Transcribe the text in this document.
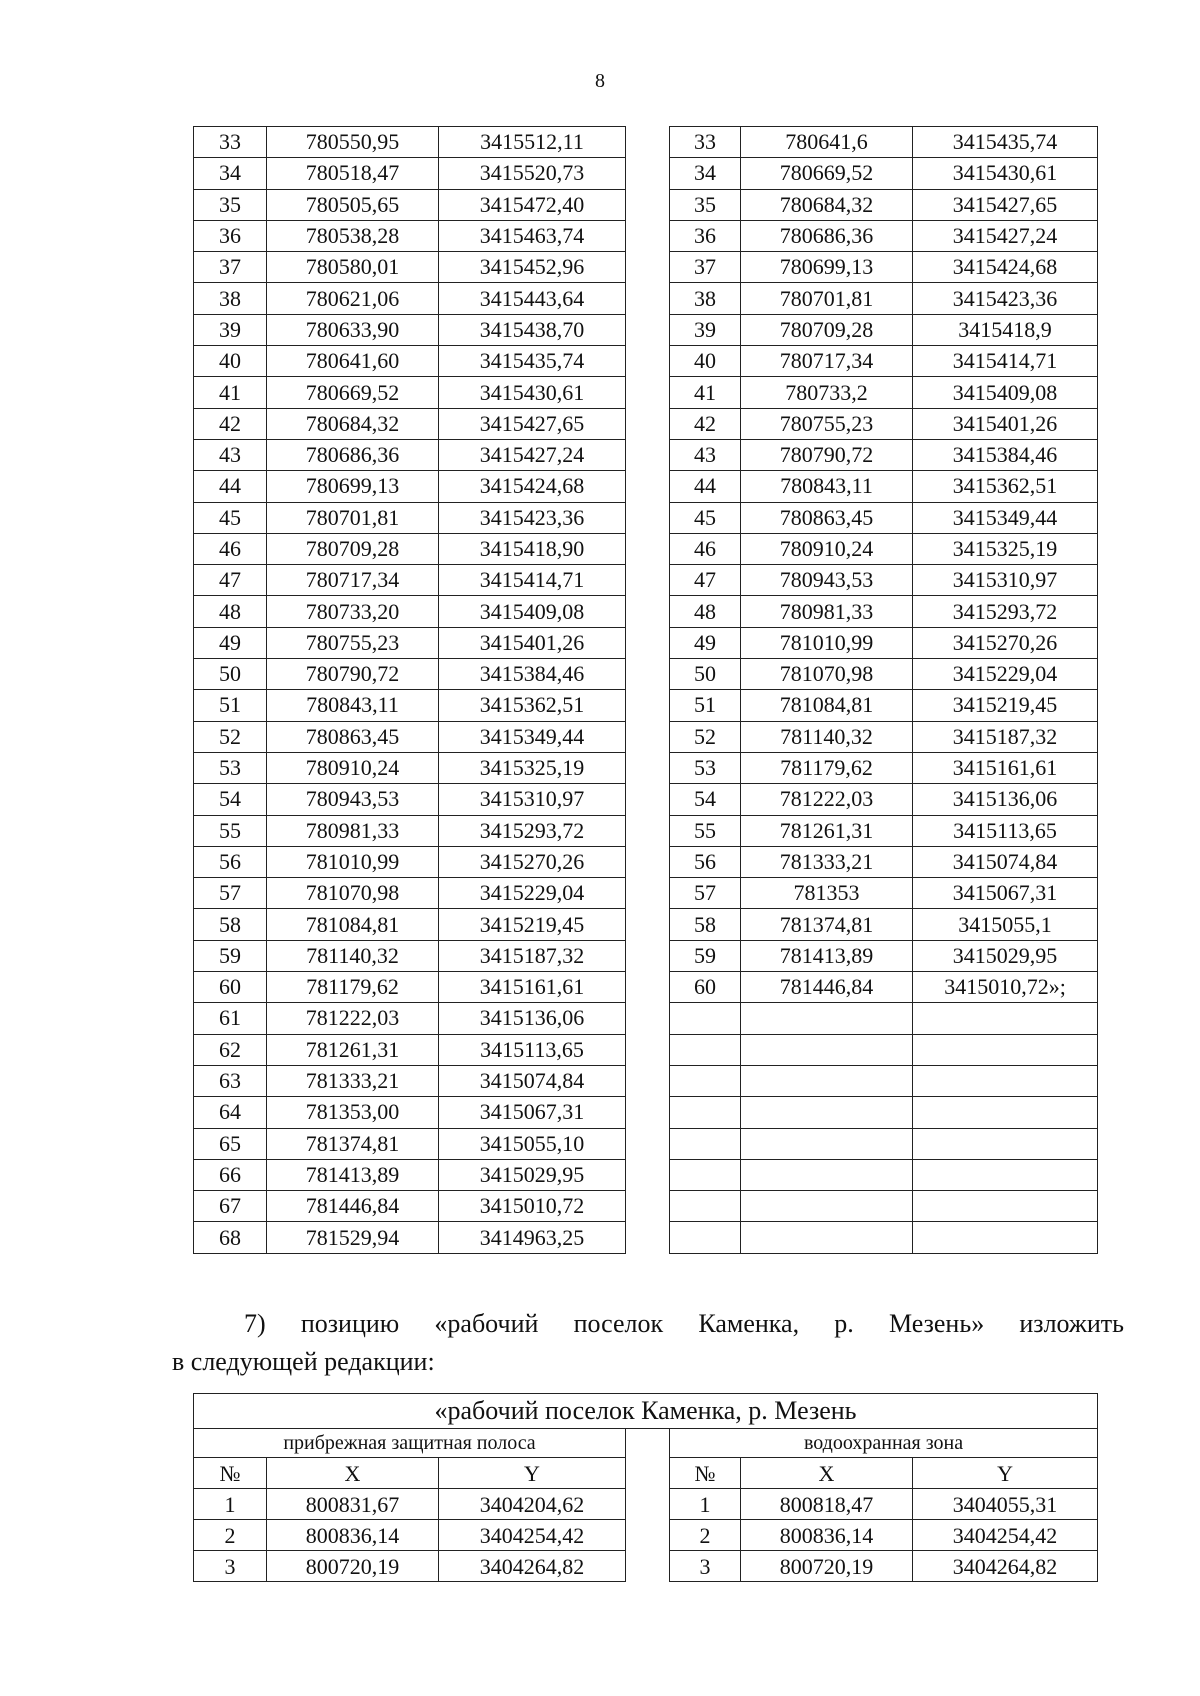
8
33	780550,95	3415512,11		33	780641,6	3415435,74
34	780518,47	3415520,73		34	780669,52	3415430,61
35	780505,65	3415472,40		35	780684,32	3415427,65
36	780538,28	3415463,74		36	780686,36	3415427,24
37	780580,01	3415452,96		37	780699,13	3415424,68
38	780621,06	3415443,64		38	780701,81	3415423,36
39	780633,90	3415438,70		39	780709,28	3415418,9
40	780641,60	3415435,74		40	780717,34	3415414,71
41	780669,52	3415430,61		41	780733,2	3415409,08
42	780684,32	3415427,65		42	780755,23	3415401,26
43	780686,36	3415427,24		43	780790,72	3415384,46
44	780699,13	3415424,68		44	780843,11	3415362,51
45	780701,81	3415423,36		45	780863,45	3415349,44
46	780709,28	3415418,90		46	780910,24	3415325,19
47	780717,34	3415414,71		47	780943,53	3415310,97
48	780733,20	3415409,08		48	780981,33	3415293,72
49	780755,23	3415401,26		49	781010,99	3415270,26
50	780790,72	3415384,46		50	781070,98	3415229,04
51	780843,11	3415362,51		51	781084,81	3415219,45
52	780863,45	3415349,44		52	781140,32	3415187,32
53	780910,24	3415325,19		53	781179,62	3415161,61
54	780943,53	3415310,97		54	781222,03	3415136,06
55	780981,33	3415293,72		55	781261,31	3415113,65
56	781010,99	3415270,26		56	781333,21	3415074,84
57	781070,98	3415229,04		57	781353	3415067,31
58	781084,81	3415219,45		58	781374,81	3415055,1
59	781140,32	3415187,32		59	781413,89	3415029,95
60	781179,62	3415161,61		60	781446,84	3415010,72»;
61	781222,03	3415136,06				
62	781261,31	3415113,65				
63	781333,21	3415074,84				
64	781353,00	3415067,31				
65	781374,81	3415055,10				
66	781413,89	3415029,95				
67	781446,84	3415010,72				
68	781529,94	3414963,25				
7) позицию «рабочий поселок Каменка, р. Мезень» изложить
в следующей редакции:
«рабочий поселок Каменка, р. Мезень						
прибрежная защитная полоса				водоохранная зона		
№	X	Y		№	X	Y
1	800831,67	3404204,62		1	800818,47	3404055,31
2	800836,14	3404254,42		2	800836,14	3404254,42
3	800720,19	3404264,82		3	800720,19	3404264,82
